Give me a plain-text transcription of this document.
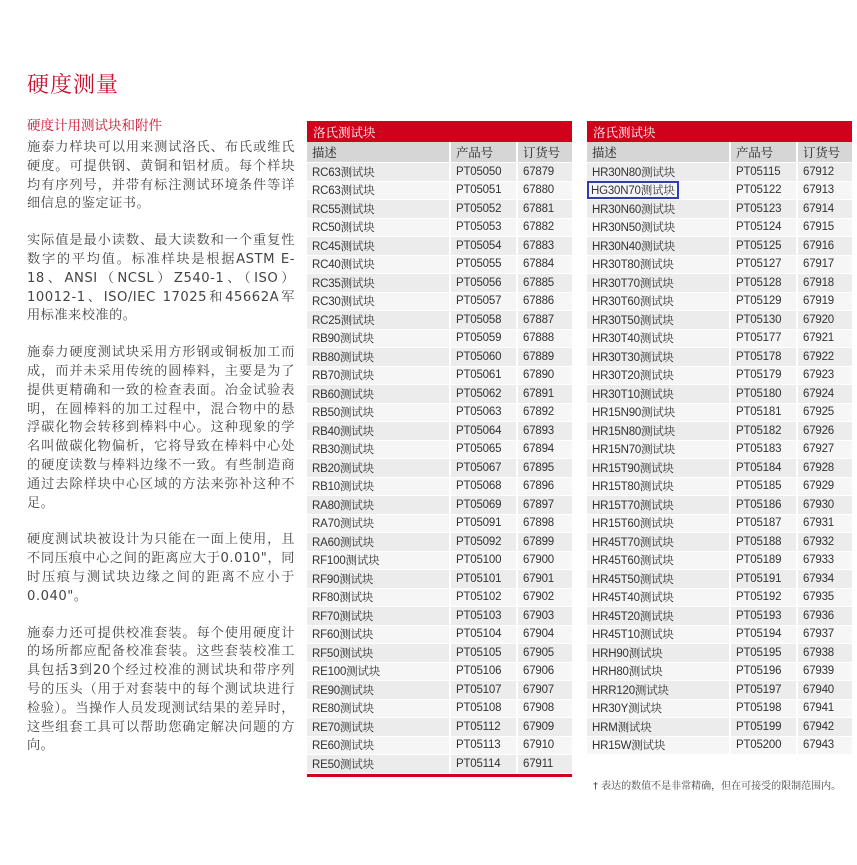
硬度测量
硬度计用测试块和附件

施泰力样块可以用来测试洛氏、布氏或维氏硬度。可提供钢、黄铜和铝材质。每个样块均有序列号，并带有标注测试环境条件等详细信息的鉴定证书。

实际值是最小读数、最大读数和一个重复性数字的平均值。标准样块是根据ASTM E-18、ANSI（NCSL）Z540-1、（ISO）10012-1、ISO/IEC 17025和45662A军用标准来校准的。

施泰力硬度测试块采用方形钢或铜板加工而成，而并未采用传统的圆棒料，主要是为了提供更精确和一致的检查表面。冶金试验表明，在圆棒料的加工过程中，混合物中的悬浮碳化物会转移到棒料中心。这种现象的学名叫做碳化物偏析，它将导致在棒料中心处的硬度读数与棒料边缘不一致。有些制造商通过去除样块中心区域的方法来弥补这种不足。

硬度测试块被设计为只能在一面上使用，且不同压痕中心之间的距离应大于0.010"，同时压痕与测试块边缘之间的距离不应小于0.040"。

施泰力还可提供校准套装。每个使用硬度计的场所都应配备校准套装。这些套装校准工具包括3到20个经过校准的测试块和带序列号的压头（用于对套装中的每个测试块进行检验）。当操作人员发现测试结果的差异时，这些组套工具可以帮助您确定解决问题的方向。

洛氏测试块		
描述	产品号	订货号
RC63测试块	PT05050	67879
RC63测试块	PT05051	67880
RC55测试块	PT05052	67881
RC50测试块	PT05053	67882
RC45测试块	PT05054	67883
RC40测试块	PT05055	67884
RC35测试块	PT05056	67885
RC30测试块	PT05057	67886
RC25测试块	PT05058	67887
RB90测试块	PT05059	67888
RB80测试块	PT05060	67889
RB70测试块	PT05061	67890
RB60测试块	PT05062	67891
RB50测试块	PT05063	67892
RB40测试块	PT05064	67893
RB30测试块	PT05065	67894
RB20测试块	PT05067	67895
RB10测试块	PT05068	67896
RA80测试块	PT05069	67897
RA70测试块	PT05091	67898
RA60测试块	PT05092	67899
RF100测试块	PT05100	67900
RF90测试块	PT05101	67901
RF80测试块	PT05102	67902
RF70测试块	PT05103	67903
RF60测试块	PT05104	67904
RF50测试块	PT05105	67905
RE100测试块	PT05106	67906
RE90测试块	PT05107	67907
RE80测试块	PT05108	67908
RE70测试块	PT05112	67909
RE60测试块	PT05113	67910
RE50测试块	PT05114	67911

洛氏测试块		
描述	产品号	订货号
HR30N80测试块	PT05115	67912
HG30N70测试块	PT05122	67913
HR30N60测试块	PT05123	67914
HR30N50测试块	PT05124	67915
HR30N40测试块	PT05125	67916
HR30T80测试块	PT05127	67917
HR30T70测试块	PT05128	67918
HR30T60测试块	PT05129	67919
HR30T50测试块	PT05130	67920
HR30T40测试块	PT05177	67921
HR30T30测试块	PT05178	67922
HR30T20测试块	PT05179	67923
HR30T10测试块	PT05180	67924
HR15N90测试块	PT05181	67925
HR15N80测试块	PT05182	67926
HR15N70测试块	PT05183	67927
HR15T90测试块	PT05184	67928
HR15T80测试块	PT05185	67929
HR15T70测试块	PT05186	67930
HR15T60测试块	PT05187	67931
HR45T70测试块	PT05188	67932
HR45T60测试块	PT05189	67933
HR45T50测试块	PT05191	67934
HR45T40测试块	PT05192	67935
HR45T20测试块	PT05193	67936
HR45T10测试块	PT05194	67937
HRH90测试块	PT05195	67938
HRH80测试块	PT05196	67939
HRR120测试块	PT05197	67940
HR30Y测试块	PT05198	67941
HRM测试块	PT05199	67942
HR15W测试块	PT05200	67943
† 表达的数值不是非常精确，但在可接受的限制范围内。
